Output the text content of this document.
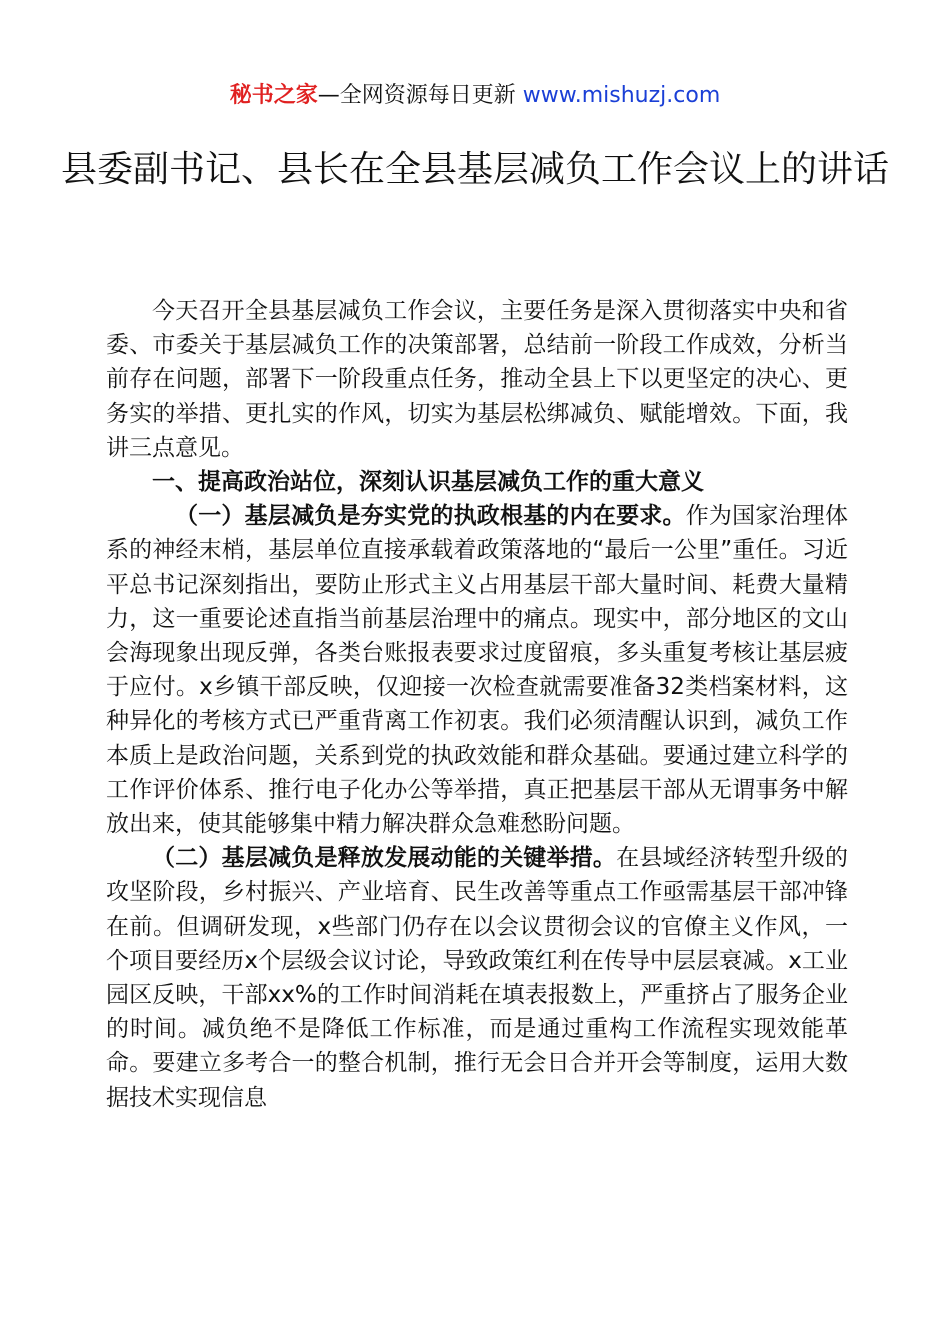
秘书之家—全网资源每日更新 www.mishuzj.com
县委副书记、县长在全县基层减负工作会议上的讲话

今天召开全县基层减负工作会议，主要任务是深入贯彻落实中央和省委、市委关于基层减负工作的决策部署，总结前一阶段工作成效，分析当前存在问题，部署下一阶段重点任务，推动全县上下以更坚定的决心、更务实的举措、更扎实的作风，切实为基层松绑减负、赋能增效。下面，我讲三点意见。

一、提高政治站位，深刻认识基层减负工作的重大意义

（一）基层减负是夯实党的执政根基的内在要求。作为国家治理体系的神经末梢，基层单位直接承载着政策落地的“最后一公里”重任。习近平总书记深刻指出，要防止形式主义占用基层干部大量时间、耗费大量精力，这一重要论述直指当前基层治理中的痛点。现实中，部分地区的文山会海现象出现反弹，各类台账报表要求过度留痕，多头重复考核让基层疲于应付。x乡镇干部反映，仅迎接一次检查就需要准备32类档案材料，这种异化的考核方式已严重背离工作初衷。我们必须清醒认识到，减负工作本质上是政治问题，关系到党的执政效能和群众基础。要通过建立科学的工作评价体系、推行电子化办公等举措，真正把基层干部从无谓事务中解放出来，使其能够集中精力解决群众急难愁盼问题。

（二）基层减负是释放发展动能的关键举措。在县域经济转型升级的攻坚阶段，乡村振兴、产业培育、民生改善等重点工作亟需基层干部冲锋在前。但调研发现，x些部门仍存在以会议贯彻会议的官僚主义作风，一个项目要经历x个层级会议讨论，导致政策红利在传导中层层衰减。x工业园区反映，干部xx%的工作时间消耗在填表报数上，严重挤占了服务企业的时间。减负绝不是降低工作标准，而是通过重构工作流程实现效能革命。要建立多考合一的整合机制，推行无会日合并开会等制度，运用大数据技术实现信息
